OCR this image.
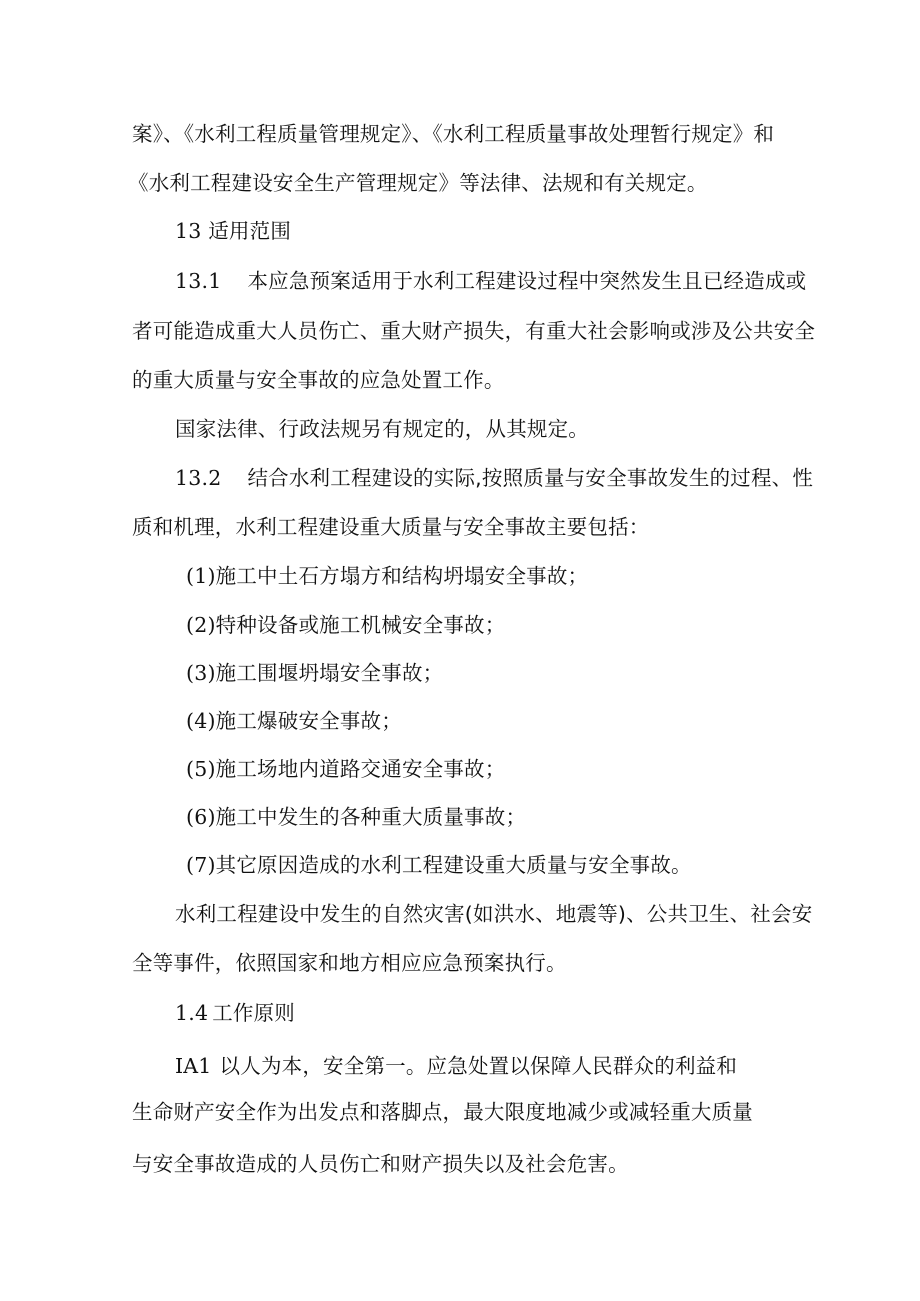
案》、《水利工程质量管理规定》、《水利工程质量事故处理暂行规定》和
《水利工程建设安全生产管理规定》等法律、法规和有关规定。
13 适用范围
13.1 本应急预案适用于水利工程建设过程中突然发生且已经造成或
者可能造成重大人员伤亡、重大财产损失，有重大社会影响或涉及公共安全
的重大质量与安全事故的应急处置工作。
国家法律、行政法规另有规定的，从其规定。
13.2 结合水利工程建设的实际,按照质量与安全事故发生的过程、性
质和机理，水利工程建设重大质量与安全事故主要包括：
(1)施工中土石方塌方和结构坍塌安全事故；
(2)特种设备或施工机械安全事故；
(3)施工围堰坍塌安全事故；
(4)施工爆破安全事故；
(5)施工场地内道路交通安全事故；
(6)施工中发生的各种重大质量事故；
(7)其它原因造成的水利工程建设重大质量与安全事故。
水利工程建设中发生的自然灾害(如洪水、地震等)、公共卫生、社会安
全等事件，依照国家和地方相应应急预案执行。
1.4 工作原则
IA1 以人为本，安全第一。应急处置以保障人民群众的利益和
生命财产安全作为出发点和落脚点，最大限度地减少或减轻重大质量
与安全事故造成的人员伤亡和财产损失以及社会危害。
